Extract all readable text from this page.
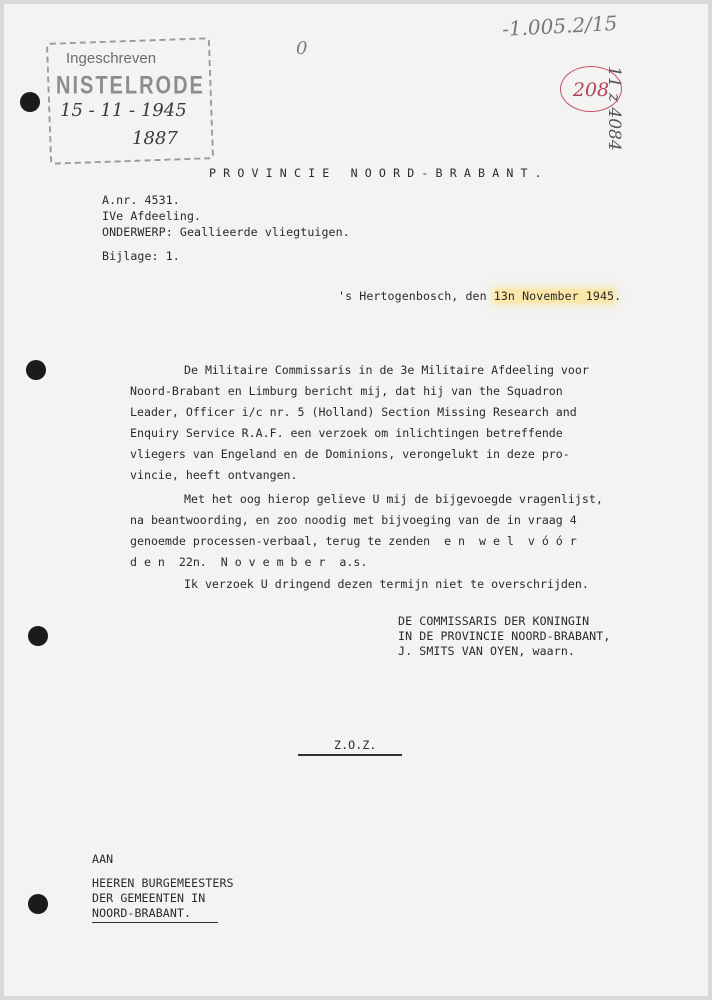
Ingeschreven
NISTELRODE
15 - 11 - 1945
1887
0
-1.005.2/15
11 z 4084
208
P R O V I N C I E   N O O R D - B R A B A N T .
A.nr. 4531.
IVe Afdeeling.
ONDERWERP: Geallieerde vliegtuigen.
Bijlage: 1.
's Hertogenbosch, den 13n November 1945.
De Militaire Commissaris in de 3e Militaire Afdeeling voor
Noord-Brabant en Limburg bericht mij, dat hij van the Squadron
Leader, Officer i/c nr. 5 (Holland) Section Missing Research and
Enquiry Service R.A.F. een verzoek om inlichtingen betreffende
vliegers van Engeland en de Dominions, verongelukt in deze pro-
vincie, heeft ontvangen.
Met het oog hierop gelieve U mij de bijgevoegde vragenlijst,
na beantwoording, en zoo noodig met bijvoeging van de in vraag 4
genoemde processen-verbaal, terug te zenden  e n  w e l  v ó ó r
d e n  22n.  N o v e m b e r  a.s.
Ik verzoek U dringend dezen termijn niet te overschrijden.
DE COMMISSARIS DER KONINGIN
IN DE PROVINCIE NOORD-BRABANT,
J. SMITS VAN OYEN, waarn.
Z.O.Z.
AAN
HEEREN BURGEMEESTERS
DER GEMEENTEN IN
NOORD-BRABANT.
